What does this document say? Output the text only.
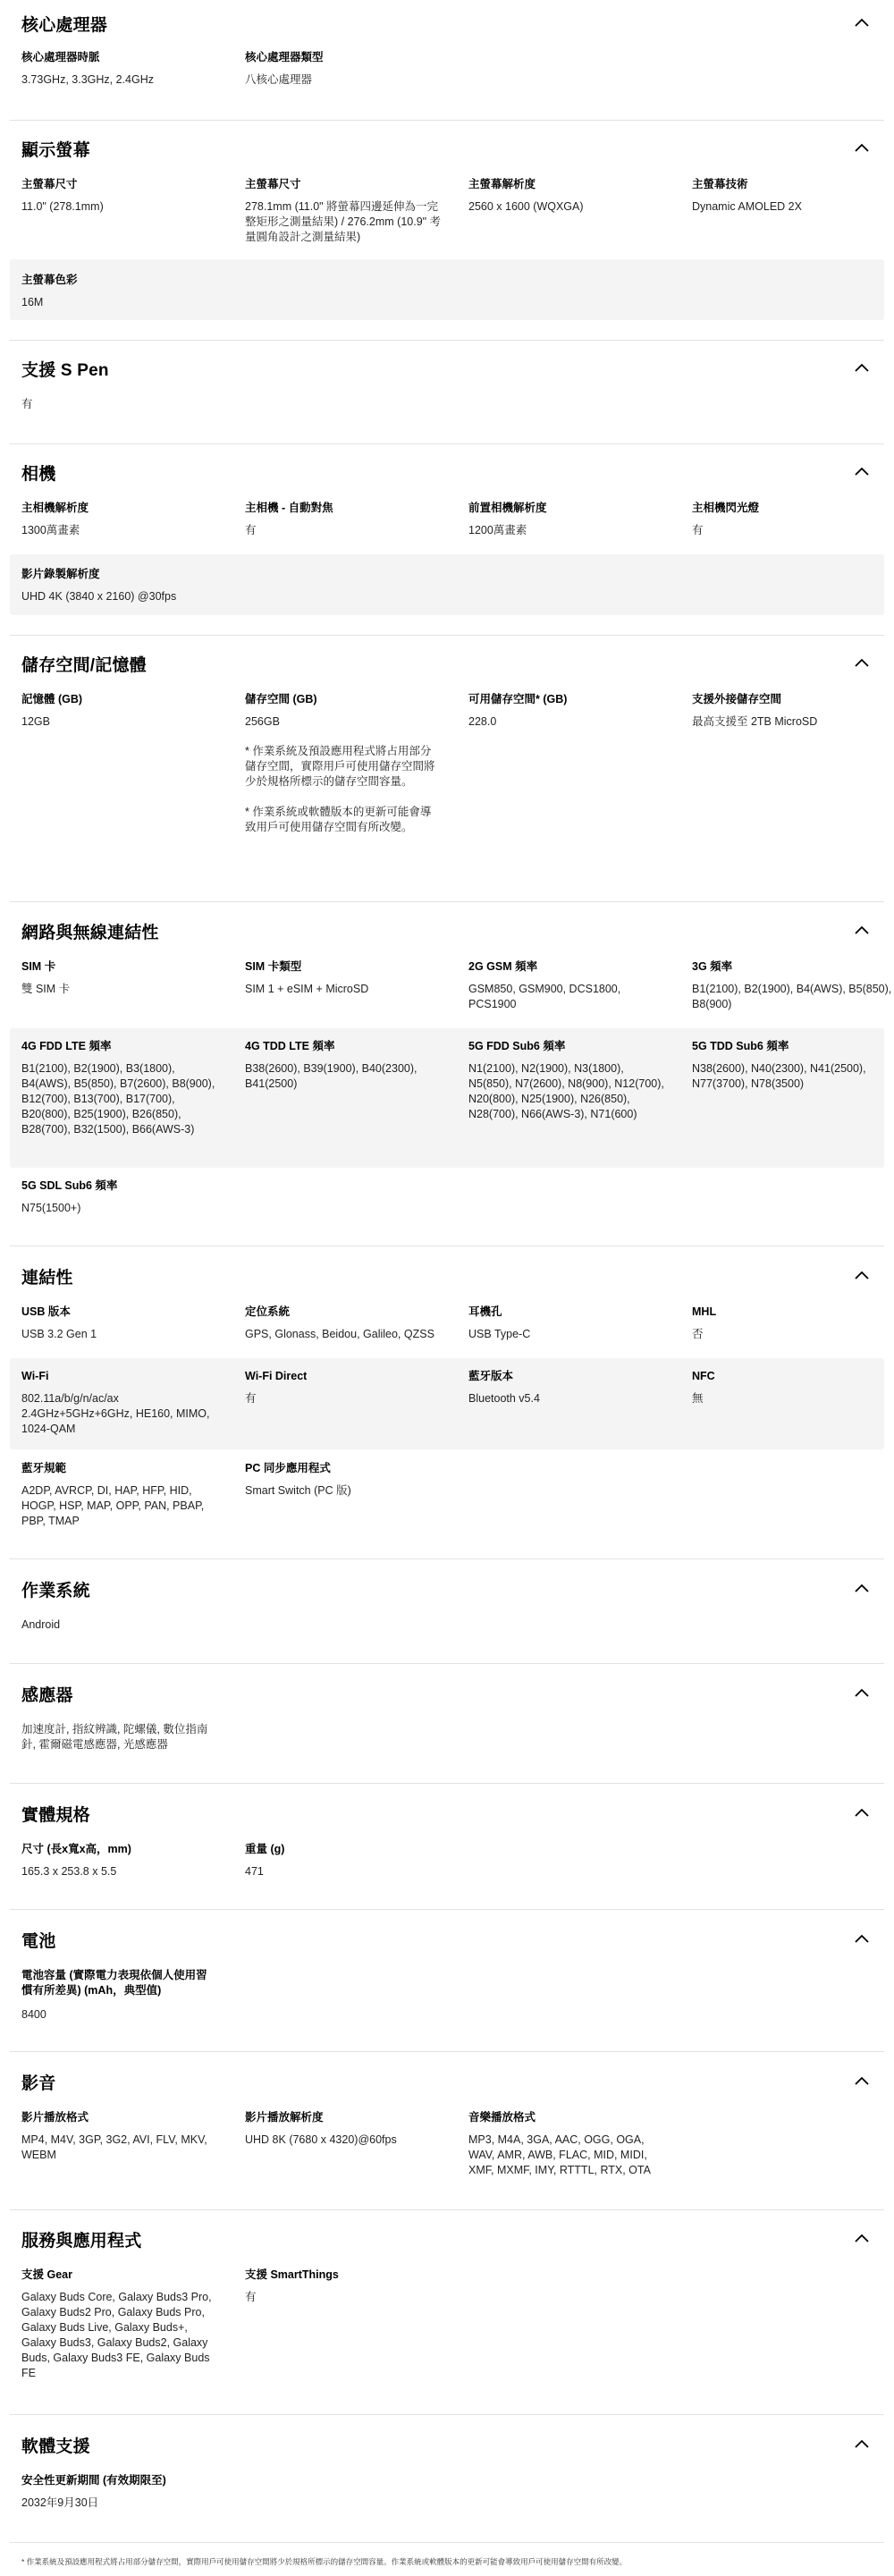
核心處理器
核心處理器時脈
3.73GHz, 3.3GHz, 2.4GHz
核心處理器類型
八核心處理器
顯示螢幕
主螢幕尺寸
11.0" (278.1mm)
主螢幕尺寸
278.1mm (11.0" 將螢幕四邊延伸為一完整矩形之測量結果) / 276.2mm (10.9" 考量圓角設計之測量結果)
主螢幕解析度
2560 x 1600 (WQXGA)
主螢幕技術
Dynamic AMOLED 2X
主螢幕色彩
16M
支援 S Pen
有
相機
主相機解析度
1300萬畫素
主相機 - 自動對焦
有
前置相機解析度
1200萬畫素
主相機閃光燈
有
影片錄製解析度
UHD 4K (3840 x 2160) @30fps
儲存空間/記憶體
記憶體 (GB)
12GB
儲存空間 (GB)
256GB
* 作業系統及預設應用程式將占用部分儲存空間，實際用戶可使用儲存空間將少於規格所標示的儲存空間容量。
* 作業系統或軟體版本的更新可能會導致用戶可使用儲存空間有所改變。
可用儲存空間* (GB)
228.0
支援外接儲存空間
最高支援至 2TB MicroSD
網路與無線連結性
SIM 卡
雙 SIM 卡
SIM 卡類型
SIM 1 + eSIM + MicroSD
2G GSM 頻率
GSM850, GSM900, DCS1800, PCS1900
3G 頻率
B1(2100), B2(1900), B4(AWS), B5(850), B8(900)
4G FDD LTE 頻率
B1(2100), B2(1900), B3(1800), B4(AWS), B5(850), B7(2600), B8(900), B12(700), B13(700), B17(700), B20(800), B25(1900), B26(850), B28(700), B32(1500), B66(AWS-3)
4G TDD LTE 頻率
B38(2600), B39(1900), B40(2300), B41(2500)
5G FDD Sub6 頻率
N1(2100), N2(1900), N3(1800), N5(850), N7(2600), N8(900), N12(700), N20(800), N25(1900), N26(850), N28(700), N66(AWS-3), N71(600)
5G TDD Sub6 頻率
N38(2600), N40(2300), N41(2500), N77(3700), N78(3500)
5G SDL Sub6 頻率
N75(1500+)
連結性
USB 版本
USB 3.2 Gen 1
定位系統
GPS, Glonass, Beidou, Galileo, QZSS
耳機孔
USB Type-C
MHL
否
Wi-Fi
802.11a/b/g/n/ac/ax 2.4GHz+5GHz+6GHz, HE160, MIMO, 1024-QAM
Wi-Fi Direct
有
藍牙版本
Bluetooth v5.4
NFC
無
藍牙規範
A2DP, AVRCP, DI, HAP, HFP, HID, HOGP, HSP, MAP, OPP, PAN, PBAP, PBP, TMAP
PC 同步應用程式
Smart Switch (PC 版)
作業系統
Android
感應器
加速度計, 指紋辨識, 陀螺儀, 數位指南針, 霍爾磁電感應器, 光感應器
實體規格
尺寸 (長x寬x高，mm)
165.3 x 253.8 x 5.5
重量 (g)
471
電池
電池容量 (實際電力表現依個人使用習慣有所差異) (mAh，典型值)
8400
影音
影片播放格式
MP4, M4V, 3GP, 3G2, AVI, FLV, MKV, WEBM
影片播放解析度
UHD 8K (7680 x 4320)@60fps
音樂播放格式
MP3, M4A, 3GA, AAC, OGG, OGA, WAV, AMR, AWB, FLAC, MID, MIDI, XMF, MXMF, IMY, RTTTL, RTX, OTA
服務與應用程式
支援 Gear
Galaxy Buds Core, Galaxy Buds3 Pro, Galaxy Buds2 Pro, Galaxy Buds Pro, Galaxy Buds Live, Galaxy Buds+, Galaxy Buds3, Galaxy Buds2, Galaxy Buds, Galaxy Buds3 FE, Galaxy Buds FE
支援 SmartThings
有
軟體支援
安全性更新期間 (有效期限至)
2032年9月30日
* 作業系統及預設應用程式將占用部分儲存空間，實際用戶可使用儲存空間將少於規格所標示的儲存空間容量。作業系統或軟體版本的更新可能會導致用戶可使用儲存空間有所改變。
